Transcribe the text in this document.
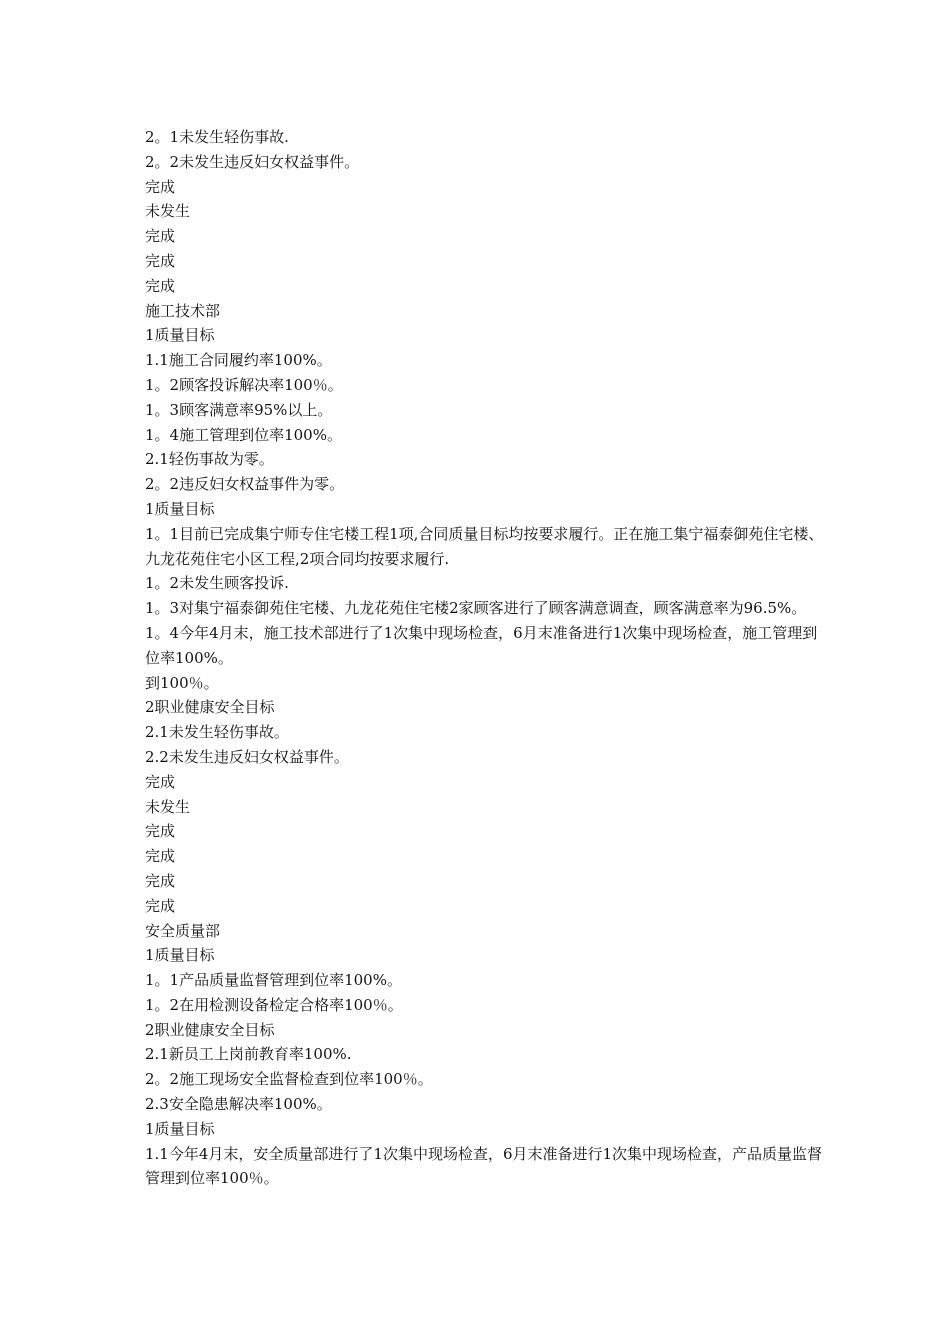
2。1未发生轻伤事故.

2。2未发生违反妇女权益事件。

完成

未发生

完成

完成

完成

施工技术部

1质量目标

1.1施工合同履约率100%。

1。2顾客投诉解决率100％。

1。3顾客满意率95%以上。

1。4施工管理到位率100%。

2.1轻伤事故为零。

2。2违反妇女权益事件为零。

1质量目标

1。1目前已完成集宁师专住宅楼工程1项,合同质量目标均按要求履行。正在施工集宁福泰御苑住宅楼、九龙花苑住宅小区工程,2项合同均按要求履行.

1。2未发生顾客投诉.

1。3对集宁福泰御苑住宅楼、九龙花苑住宅楼2家顾客进行了顾客满意调查，顾客满意率为96.5%。

1。4今年4月末，施工技术部进行了1次集中现场检查，6月末准备进行1次集中现场检查，施工管理到位率100%。

到100％。

2职业健康安全目标

2.1未发生轻伤事故。

2.2未发生违反妇女权益事件。

完成

未发生

完成

完成

完成

完成

安全质量部

1质量目标

1。1产品质量监督管理到位率100%。

1。2在用检测设备检定合格率100％。

2职业健康安全目标

2.1新员工上岗前教育率100%.

2。2施工现场安全监督检查到位率100％。

2.3安全隐患解决率100%。

1质量目标

1.1今年4月末，安全质量部进行了1次集中现场检查，6月末准备进行1次集中现场检查，产品质量监督管理到位率100％。
